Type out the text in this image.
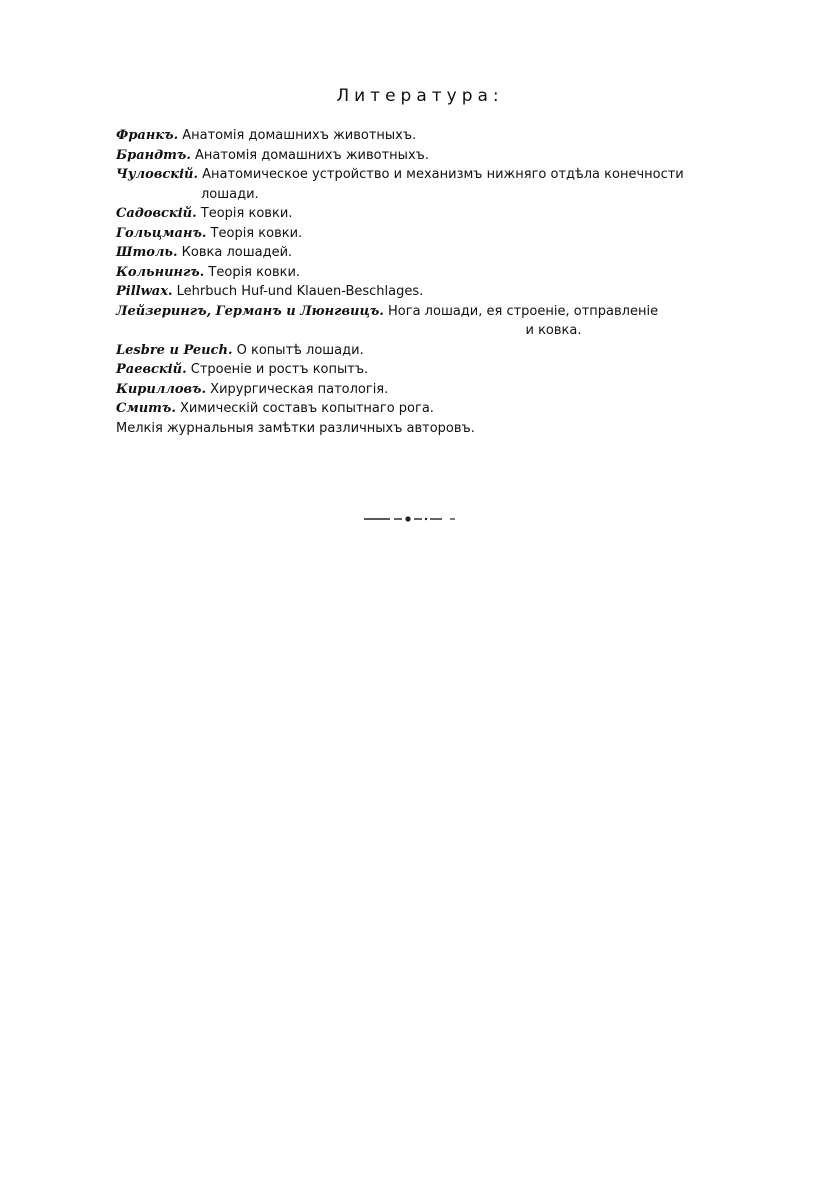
Литература:

Франкъ. Анатомія домашнихъ животныхъ.

Брандтъ. Анатомія домашнихъ животныхъ.

Чуловскій. Анатомическое устройство и механизмъ нижняго отдѣла конечности лошади.

Садовскій. Теорія ковки.

Гольцманъ. Теорія ковки.

Штоль. Ковка лошадей.

Кольнингъ. Теорія ковки.

Pillwax. Lehrbuch Huf-und Klauen-Beschlages.

Лейзерингъ, Германъ и Люнгвицъ. Нога лошади, ея строеніе, отправленіе
и ковка.

Lesbre и Peuch. О копытѣ лошади.

Раевскій. Строеніе и ростъ копытъ.

Кирилловъ. Хирургическая патологія.

Смитъ. Химическій составъ копытнаго рога.

Мелкія журнальныя замѣтки различныхъ авторовъ.
